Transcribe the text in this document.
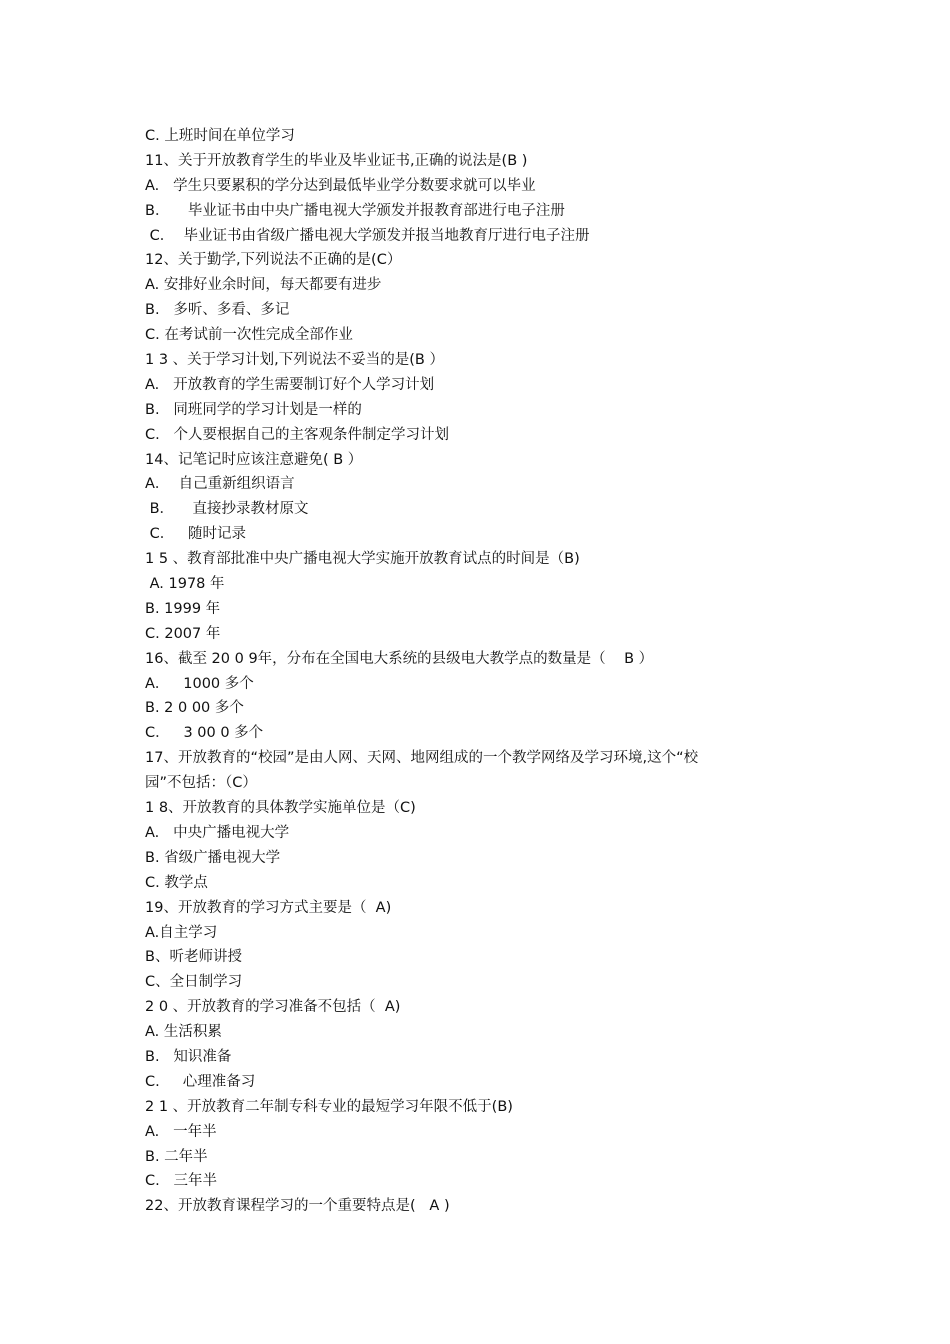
C. 上班时间在单位学习
11、关于开放教育学生的毕业及毕业证书,正确的说法是(B )
A.   学生只要累积的学分达到最低毕业学分数要求就可以毕业
B．    毕业证书由中央广播电视大学颁发并报教育部进行电子注册
C．  毕业证书由省级广播电视大学颁发并报当地教育厅进行电子注册
12、关于勤学,下列说法不正确的是(C）
A. 安排好业余时间，每天都要有进步
B.   多听、多看、多记
C. 在考试前一次性完成全部作业
1 3 、关于学习计划,下列说法不妥当的是(B ）
A.   开放教育的学生需要制订好个人学习计划
B.   同班同学的学习计划是一样的
C.   个人要根据自己的主客观条件制定学习计划
14、记笔记时应该注意避免( B ）
A．  自己重新组织语言
B．    直接抄录教材原文
C．   随时记录
1 5 、教育部批准中央广播电视大学实施开放教育试点的时间是（B)
A. 1978 年
B. 1999 年
C. 2007 年
16、截至 20 0 9年，分布在全国电大系统的县级电大教学点的数量是（    B ）
A．   1000 多个
B. 2 0 00 多个
C．   3 00 0 多个
17、开放教育的“校园”是由人网、天网、地网组成的一个教学网络及学习环境,这个“校
园”不包括：（C）
1 8、开放教育的具体教学实施单位是（C)
A.   中央广播电视大学
B. 省级广播电视大学
C. 教学点
19、开放教育的学习方式主要是（  A)
A.自主学习
B、听老师讲授
C、全日制学习
2 0 、开放教育的学习准备不包括（  A)
A. 生活积累
B.   知识准备
C.     心理准备习
2 1 、开放教育二年制专科专业的最短学习年限不低于(B)
A.   一年半
B. 二年半
C.   三年半
22、开放教育课程学习的一个重要特点是(   A )
